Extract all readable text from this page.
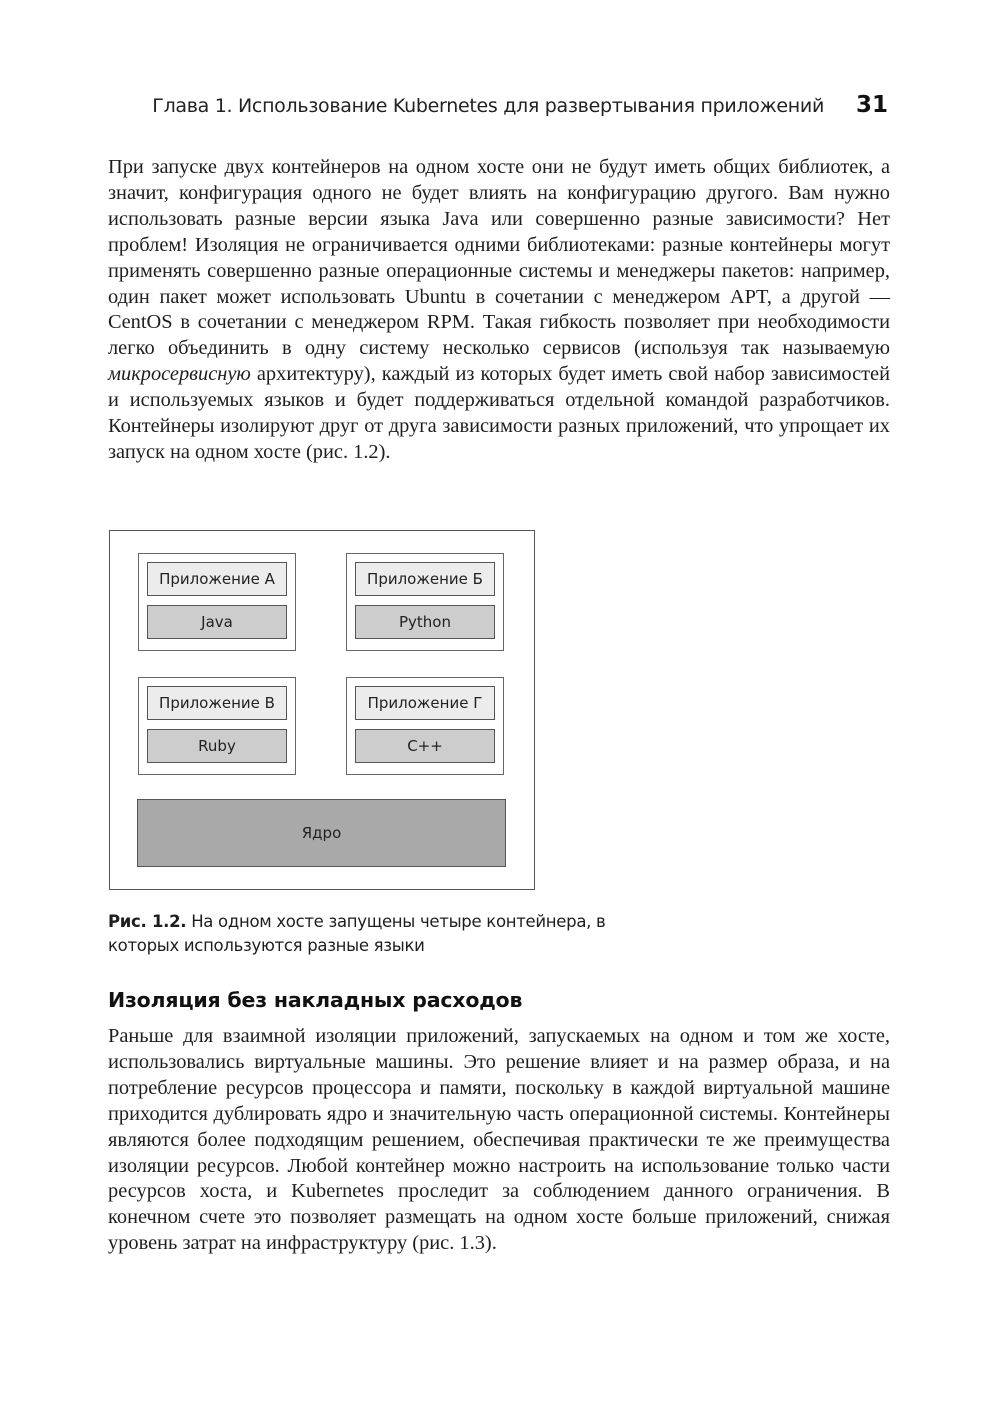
Глава 1. Использование Kubernetes для развертывания приложений 31

При запуске двух контейнеров на одном хосте они не будут иметь общих библиотек, а значит, конфигурация одного не будет влиять на конфигурацию другого. Вам нужно использовать разные версии языка Java или совершенно разные зависимости? Нет проблем! Изоляция не ограничивается одними библиотеками: разные контейнеры могут применять совершенно разные операционные системы и менеджеры пакетов: например, один пакет может использовать Ubuntu в сочетании с менеджером APT, а другой — CentOS в сочетании с менеджером RPM. Такая гибкость позволяет при необходимости легко объединить в одну систему несколько сервисов (используя так называемую микросервисную архитектуру), каждый из которых будет иметь свой набор зависимостей и используемых языков и будет поддерживаться отдельной командой разработчиков. Контейнеры изолируют друг от друга зависимости разных приложений, что упрощает их запуск на одном хосте (рис. 1.2).

Приложение А
Java
Приложение Б
Python
Приложение В
Ruby
Приложение Г
C++
Ядро
Рис. 1.2. На одном хосте запущены четыре контейнера, в которых используются разные языки
Изоляция без накладных расходов

Раньше для взаимной изоляции приложений, запускаемых на одном и том же хосте, использовались виртуальные машины. Это решение влияет и на размер образа, и на потребление ресурсов процессора и памяти, поскольку в каждой виртуальной машине приходится дублировать ядро и значительную часть операционной системы. Контейнеры являются более подходящим решением, обеспечивая практически те же преимущества изоляции ресурсов. Любой контейнер можно настроить на использование только части ресурсов хоста, и Kubernetes проследит за соблюдением данного ограничения. В конечном счете это позволяет размещать на одном хосте больше приложений, снижая уровень затрат на инфраструктуру (рис. 1.3).
